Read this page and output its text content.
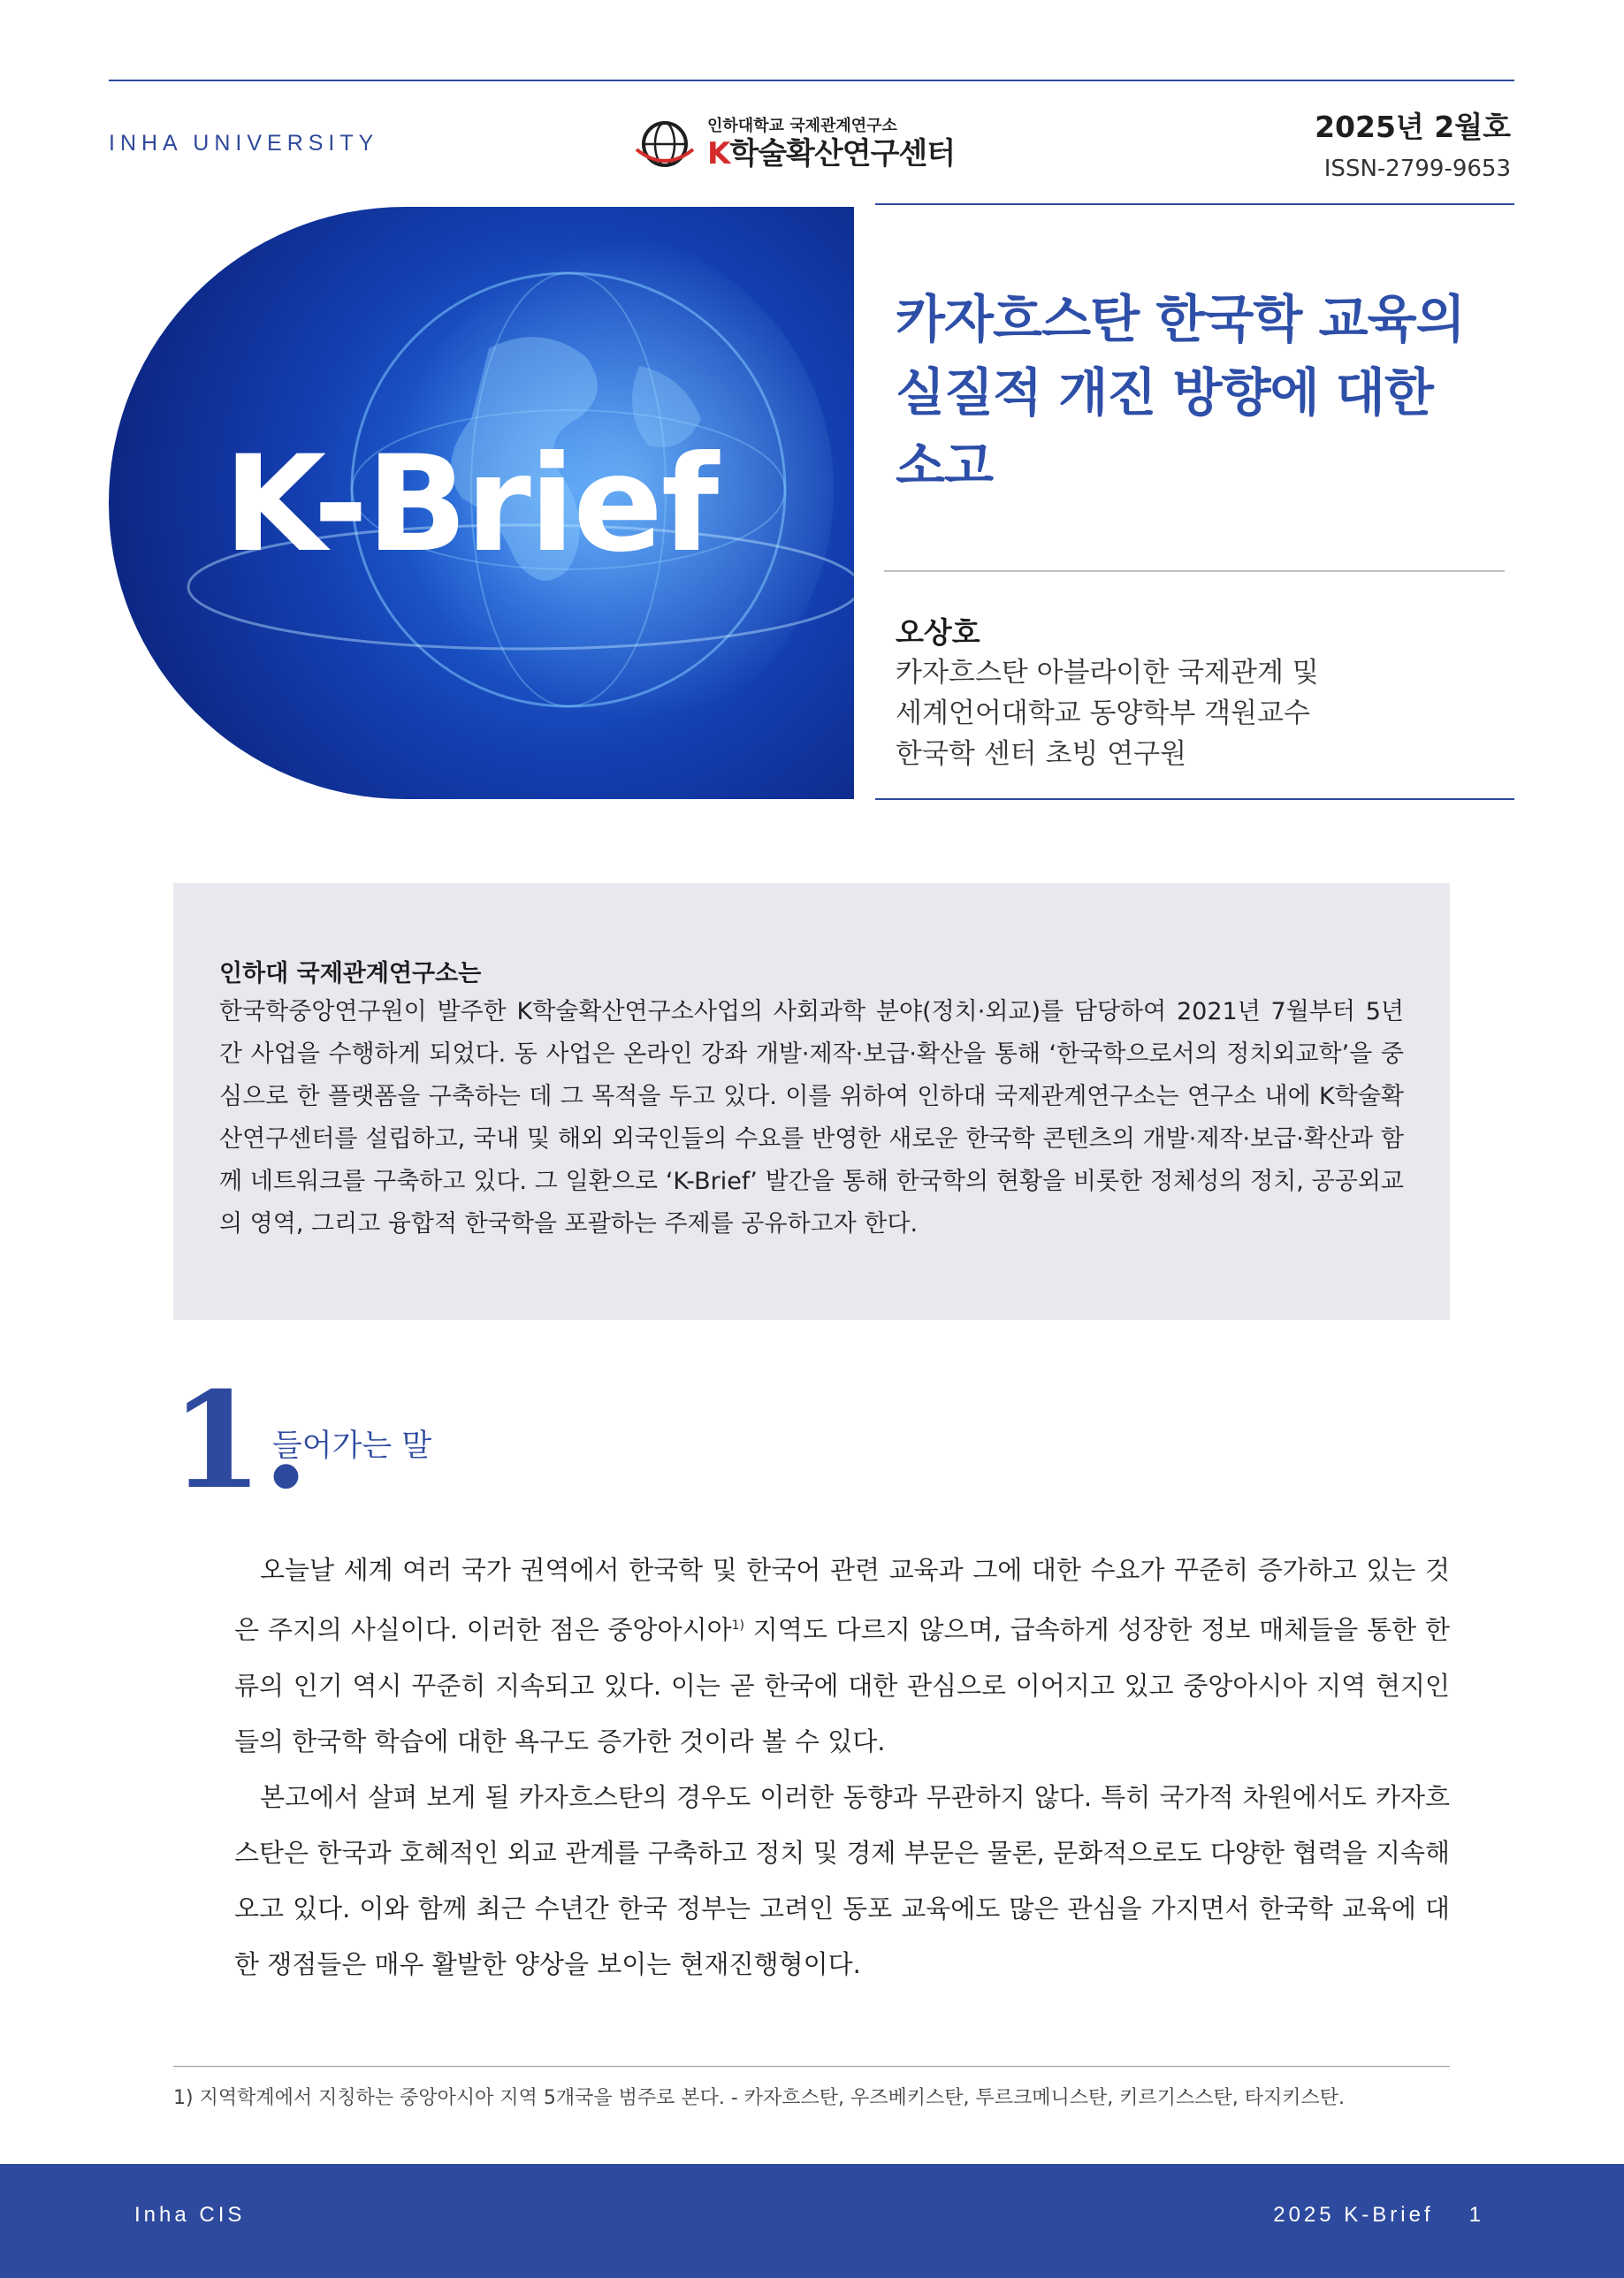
INHA UNIVERSITY
인하대학교 국제관계연구소
K학술확산연구센터
2025년 2월호
ISSN-2799-9653
K-Brief
카자흐스탄 한국학 교육의
실질적 개진 방향에 대한
소고
오상호
카자흐스탄 아블라이한 국제관계 및
세계언어대학교 동양학부 객원교수
한국학 센터 초빙 연구원
인하대 국제관계연구소는
한국학중앙연구원이 발주한 K학술확산연구소사업의 사회과학 분야(정치·외교)를 담당하여 2021년 7월부터 5년간 사업을 수행하게 되었다. 동 사업은 온라인 강좌 개발·제작·보급·확산을 통해 ‘한국학으로서의 정치외교학’을 중심으로 한 플랫폼을 구축하는 데 그 목적을 두고 있다. 이를 위하여 인하대 국제관계연구소는 연구소 내에 K학술확산연구센터를 설립하고, 국내 및 해외 외국인들의 수요를 반영한 새로운 한국학 콘텐츠의 개발·제작·보급·확산과 함께 네트워크를 구축하고 있다. 그 일환으로 ‘K-Brief’ 발간을 통해 한국학의 현황을 비롯한 정체성의 정치, 공공외교의 영역, 그리고 융합적 한국학을 포괄하는 주제를 공유하고자 한다.
1.
들어가는 말

오늘날 세계 여러 국가 권역에서 한국학 및 한국어 관련 교육과 그에 대한 수요가 꾸준히 증가하고 있는 것은 주지의 사실이다. 이러한 점은 중앙아시아$^{1)}$ 지역도 다르지 않으며, 급속하게 성장한 정보 매체들을 통한 한류의 인기 역시 꾸준히 지속되고 있다. 이는 곧 한국에 대한 관심으로 이어지고 있고 중앙아시아 지역 현지인들의 한국학 학습에 대한 욕구도 증가한 것이라 볼 수 있다.

본고에서 살펴 보게 될 카자흐스탄의 경우도 이러한 동향과 무관하지 않다. 특히 국가적 차원에서도 카자흐스탄은 한국과 호혜적인 외교 관계를 구축하고 정치 및 경제 부문은 물론, 문화적으로도 다양한 협력을 지속해 오고 있다. 이와 함께 최근 수년간 한국 정부는 고려인 동포 교육에도 많은 관심을 가지면서 한국학 교육에 대한 쟁점들은 매우 활발한 양상을 보이는 현재진행형이다.

1) 지역학계에서 지칭하는 중앙아시아 지역 5개국을 범주로 본다. - 카자흐스탄, 우즈베키스탄, 투르크메니스탄, 키르기스스탄, 타지키스탄.
Inha CIS	2025 K-Brief 1
